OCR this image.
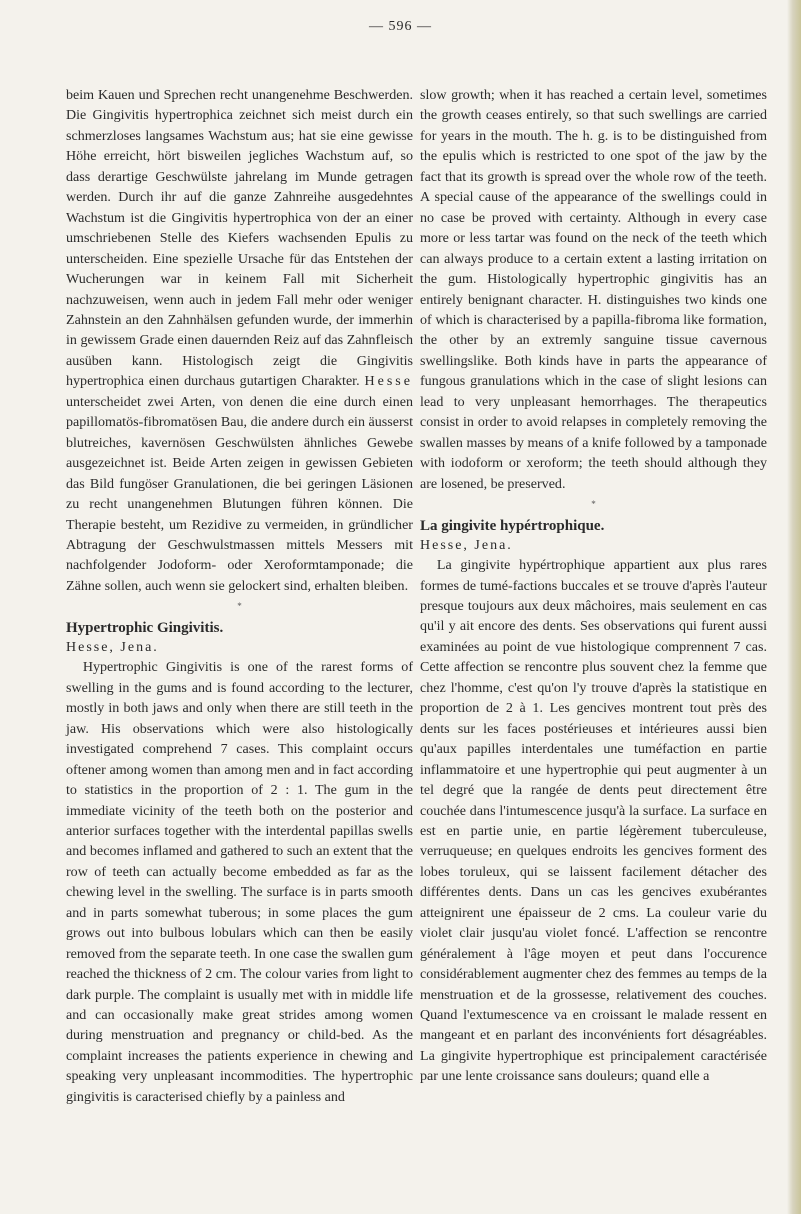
— 596 —

beim Kauen und Sprechen recht unangenehme Beschwerden. Die Gingivitis hypertrophica zeichnet sich meist durch ein schmerzloses langsames Wachstum aus; hat sie eine gewisse Höhe erreicht, hört bisweilen jegliches Wachstum auf, so dass derartige Geschwülste jahrelang im Munde getragen werden. Durch ihr auf die ganze Zahnreihe ausgedehntes Wachstum ist die Gingivitis hypertrophica von der an einer umschriebenen Stelle des Kiefers wachsenden Epulis zu unterscheiden. Eine spezielle Ursache für das Entstehen der Wucherungen war in keinem Fall mit Sicherheit nachzuweisen, wenn auch in jedem Fall mehr oder weniger Zahnstein an den Zahnhälsen gefunden wurde, der immerhin in gewissem Grade einen dauernden Reiz auf das Zahnfleisch ausüben kann. Histologisch zeigt die Gingivitis hypertrophica einen durchaus gutartigen Charakter. Hesse unterscheidet zwei Arten, von denen die eine durch einen papillomatös-fibromatösen Bau, die andere durch ein äusserst blutreiches, kavernösen Geschwülsten ähnliches Gewebe ausgezeichnet ist. Beide Arten zeigen in gewissen Gebieten das Bild fungöser Granulationen, die bei geringen Läsionen zu recht unangenehmen Blutungen führen können. Die Therapie besteht, um Rezidive zu vermeiden, in gründlicher Abtragung der Geschwulstmassen mittels Messers mit nachfolgender Jodoform- oder Xeroformtamponade; die Zähne sollen, auch wenn sie gelockert sind, erhalten bleiben.

*

Hypertrophic Gingivitis.

Hesse, Jena.

Hypertrophic Gingivitis is one of the rarest forms of swelling in the gums and is found according to the lecturer, mostly in both jaws and only when there are still teeth in the jaw. His observations which were also histologically investigated comprehend 7 cases. This complaint occurs oftener among women than among men and in fact according to statistics in the proportion of 2 : 1. The gum in the immediate vicinity of the teeth both on the posterior and anterior surfaces together with the interdental papillas swells and becomes inflamed and gathered to such an extent that the row of teeth can actually become embedded as far as the chewing level in the swelling. The surface is in parts smooth and in parts somewhat tuberous; in some places the gum grows out into bulbous lobulars which can then be easily removed from the separate teeth. In one case the swallen gum reached the thickness of 2 cm. The colour varies from light to dark purple. The complaint is usually met with in middle life and can occasionally make great strides among women during menstruation and pregnancy or child-bed. As the complaint increases the patients experience in chewing and speaking very unpleasant incommodities. The hypertrophic gingivitis is caracterised chiefly by a painless and

slow growth; when it has reached a certain level, sometimes the growth ceases entirely, so that such swellings are carried for years in the mouth. The h. g. is to be distinguished from the epulis which is restricted to one spot of the jaw by the fact that its growth is spread over the whole row of the teeth. A special cause of the appearance of the swellings could in no case be proved with certainty. Although in every case more or less tartar was found on the neck of the teeth which can always produce to a certain extent a lasting irritation on the gum. Histologically hypertrophic gingivitis has an entirely benignant character. H. distinguishes two kinds one of which is characterised by a papilla-fibroma like formation, the other by an extremly sanguine tissue cavernous swellingslike. Both kinds have in parts the appearance of fungous granulations which in the case of slight lesions can lead to very unpleasant hemorrhages. The therapeutics consist in order to avoid relapses in completely removing the swallen masses by means of a knife followed by a tamponade with iodoform or xeroform; the teeth should although they are losened, be preserved.

*

La gingivite hypértrophique.

Hesse, Jena.

La gingivite hypértrophique appartient aux plus rares formes de tumé-factions buccales et se trouve d'après l'auteur presque toujours aux deux mâchoires, mais seulement en cas qu'il y ait encore des dents. Ses observations qui furent aussi examinées au point de vue histologique comprennent 7 cas. Cette affection se rencontre plus souvent chez la femme que chez l'homme, c'est qu'on l'y trouve d'après la statistique en proportion de 2 à 1. Les gencives montrent tout près des dents sur les faces postérieuses et intérieures aussi bien qu'aux papilles interdentales une tuméfaction en partie inflammatoire et une hypertrophie qui peut augmenter à un tel degré que la rangée de dents peut directement être couchée dans l'intumescence jusqu'à la surface. La surface en est en partie unie, en partie légèrement tuberculeuse, verruqueuse; en quelques endroits les gencives forment des lobes toruleux, qui se laissent facilement détacher des différentes dents. Dans un cas les gencives exubérantes atteignirent une épaisseur de 2 cms. La couleur varie du violet clair jusqu'au violet foncé. L'affection se rencontre généralement à l'âge moyen et peut dans l'occurence considérablement augmenter chez des femmes au temps de la menstruation et de la grossesse, relativement des couches. Quand l'extumescence va en croissant le malade ressent en mangeant et en parlant des inconvénients fort désagréables. La gingivite hypertrophique est principalement caractérisée par une lente croissance sans douleurs; quand elle a
